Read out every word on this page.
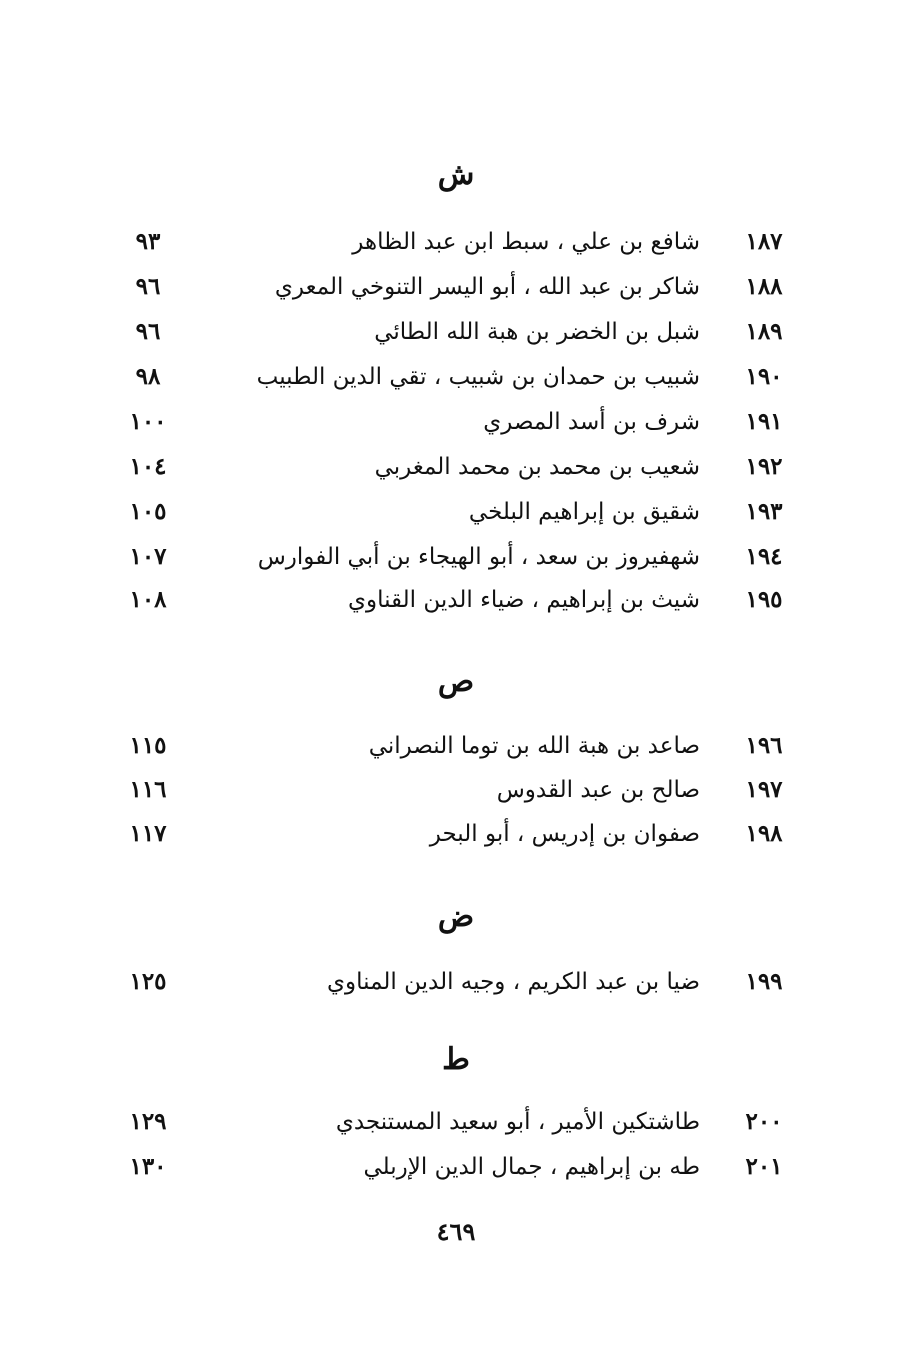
ش
١٨٧
شافع بن علي ، سبط ابن عبد الظاهر
٩٣
١٨٨
شاكر بن عبد الله ، أبو اليسر التنوخي المعري
٩٦
١٨٩
شبل بن الخضر بن هبة الله الطائي
٩٦
١٩٠
شبيب بن حمدان بن شبيب ، تقي الدين الطبيب
٩٨
١٩١
شرف بن أسد المصري
١٠٠
١٩٢
شعيب بن محمد بن محمد المغربي
١٠٤
١٩٣
شقيق بن إبراهيم البلخي
١٠٥
١٩٤
شهفيروز بن سعد ، أبو الهيجاء بن أبي الفوارس
١٠٧
١٩٥
شيث بن إبراهيم ، ضياء الدين القناوي
١٠٨
ص
١٩٦
صاعد بن هبة الله بن توما النصراني
١١٥
١٩٧
صالح بن عبد القدوس
١١٦
١٩٨
صفوان بن إدريس ، أبو البحر
١١٧
ض
١٩٩
ضيا بن عبد الكريم ، وجيه الدين المناوي
١٢٥
ط
٢٠٠
طاشتكين الأمير ، أبو سعيد المستنجدي
١٢٩
٢٠١
طه بن إبراهيم ، جمال الدين الإربلي
١٣٠
٤٦٩
